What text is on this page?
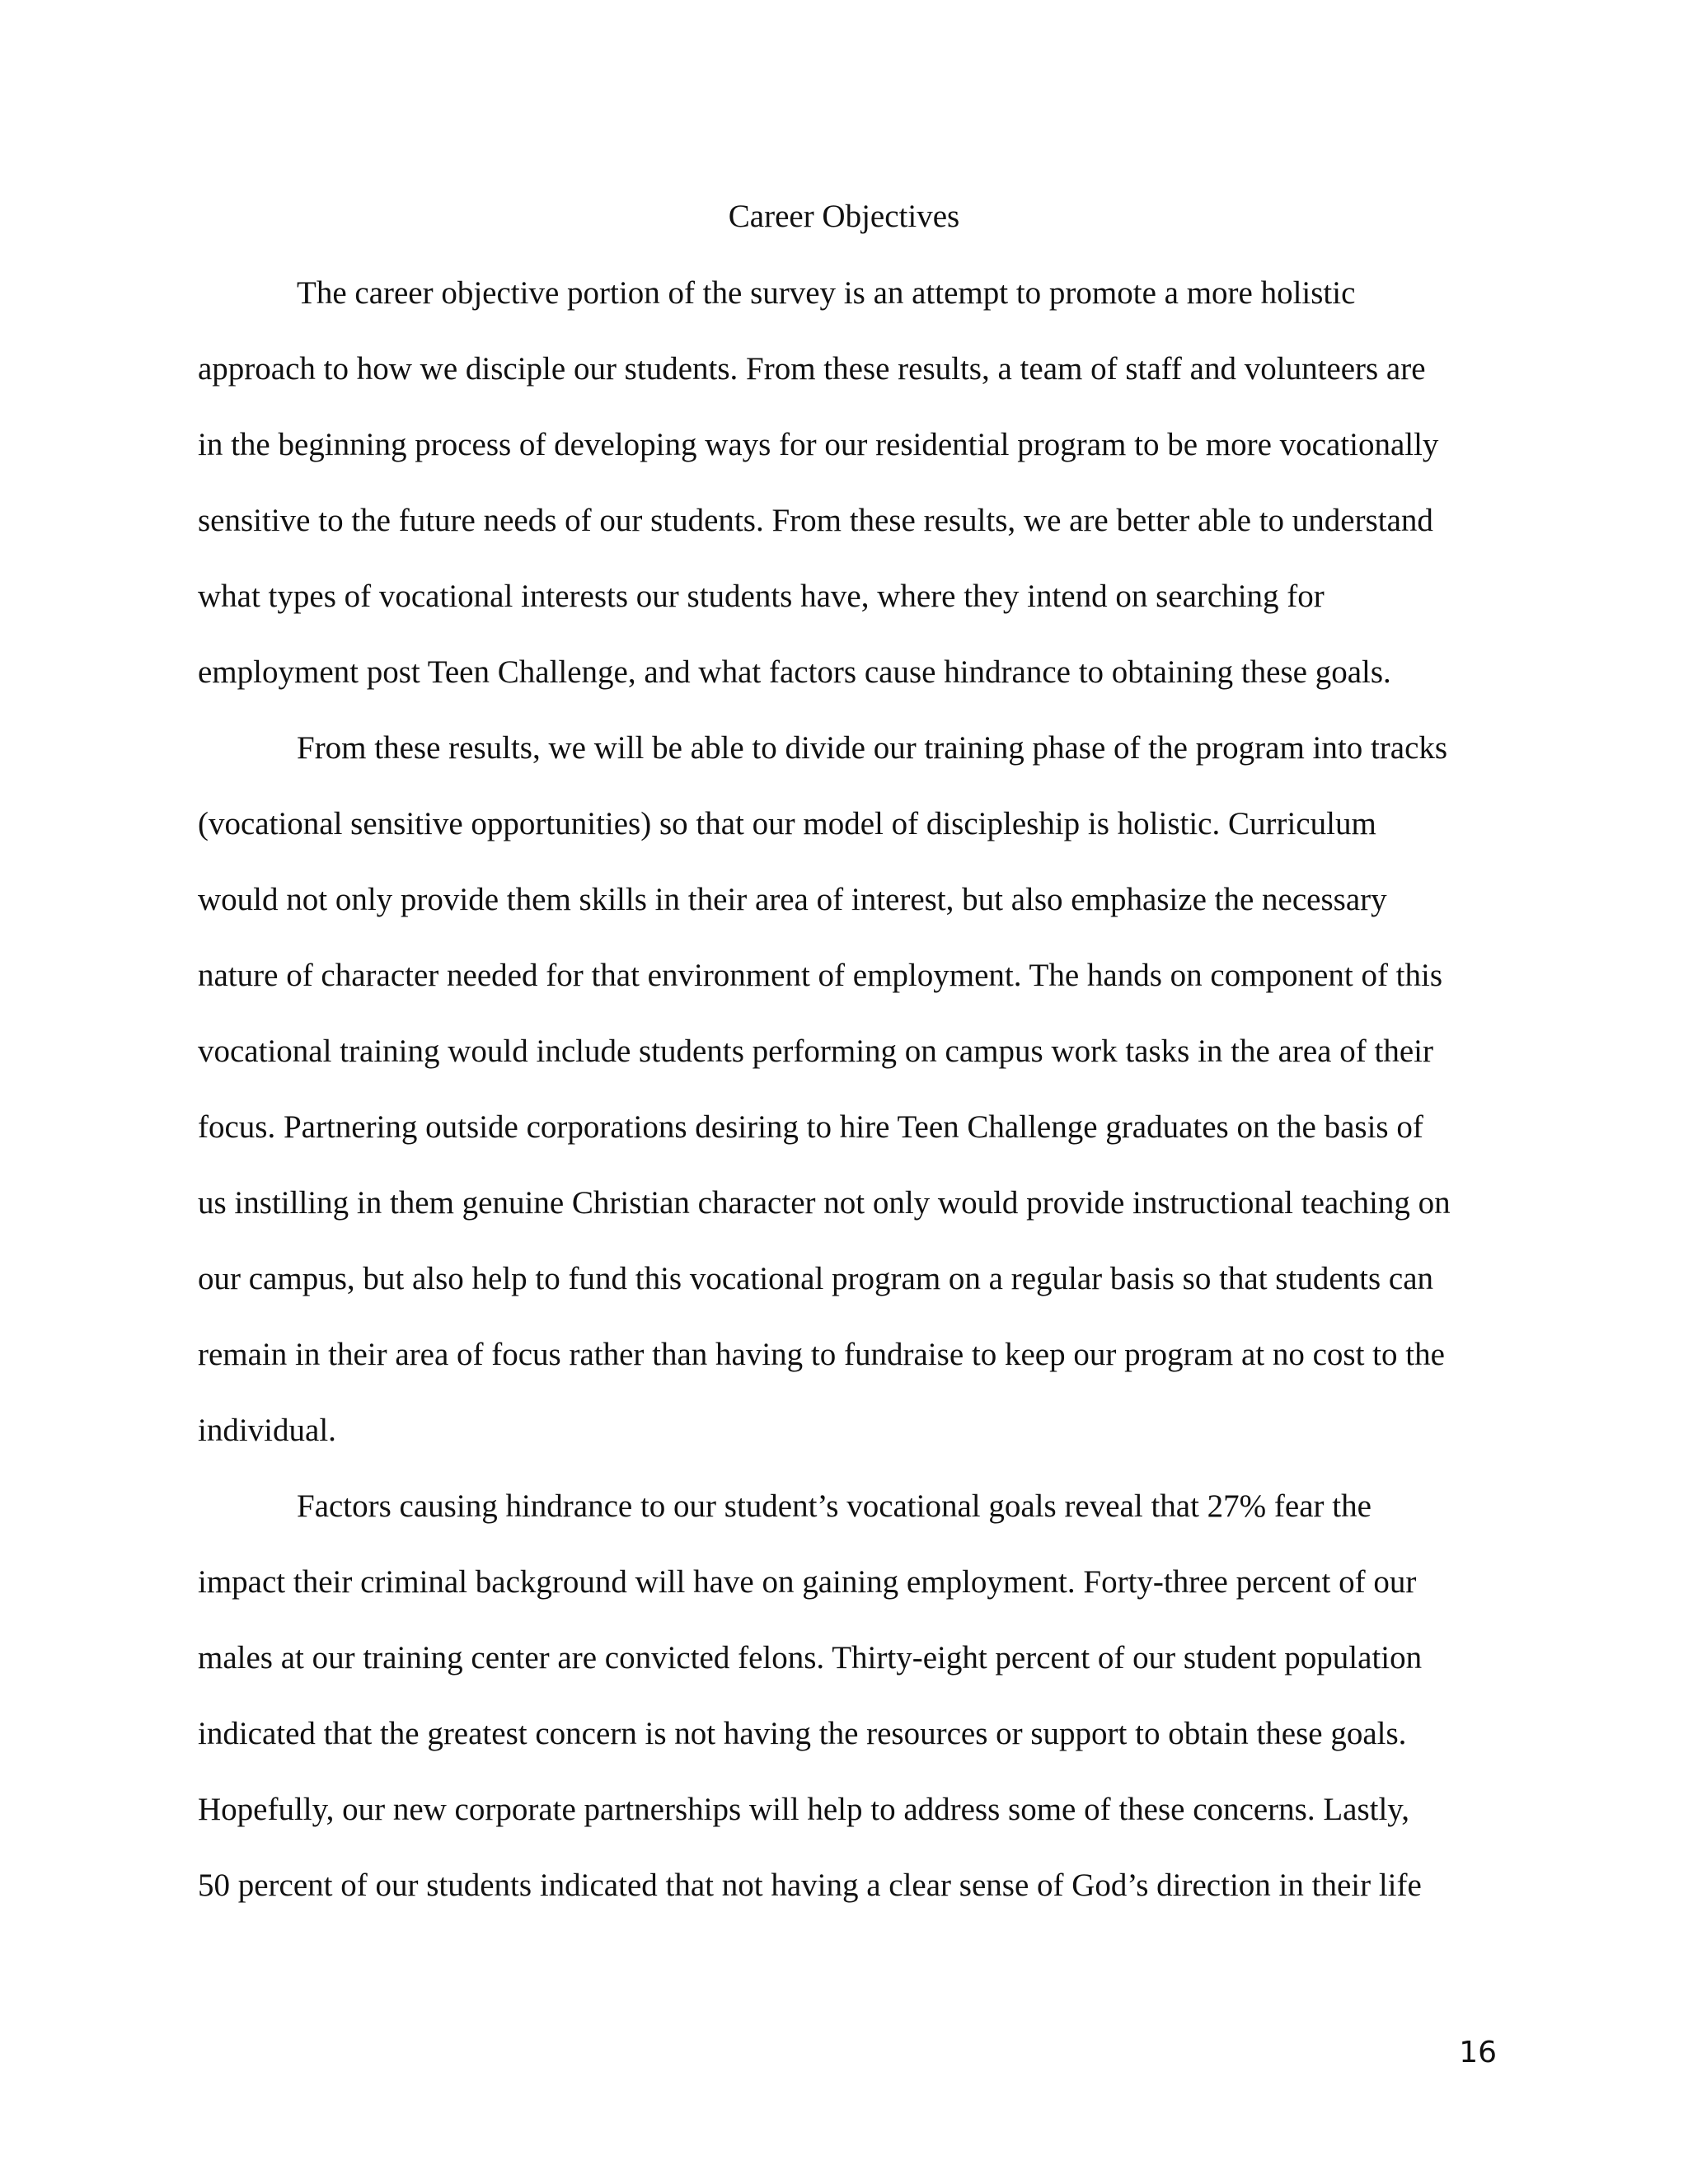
Career Objectives

The career objective portion of the survey is an attempt to promote a more holistic

approach to how we disciple our students. From these results, a team of staff and volunteers are

in the beginning process of developing ways for our residential program to be more vocationally

sensitive to the future needs of our students. From these results, we are better able to understand

what types of vocational interests our students have, where they intend on searching for

employment post Teen Challenge, and what factors cause hindrance to obtaining these goals.

From these results, we will be able to divide our training phase of the program into tracks

(vocational sensitive opportunities) so that our model of discipleship is holistic. Curriculum

would not only provide them skills in their area of interest, but also emphasize the necessary

nature of character needed for that environment of employment. The hands on component of this

vocational training would include students performing on campus work tasks in the area of their

focus. Partnering outside corporations desiring to hire Teen Challenge graduates on the basis of

us instilling in them genuine Christian character not only would provide instructional teaching on

our campus, but also help to fund this vocational program on a regular basis so that students can

remain in their area of focus rather than having to fundraise to keep our program at no cost to the

individual.

Factors causing hindrance to our student’s vocational goals reveal that 27% fear the

impact their criminal background will have on gaining employment. Forty-three percent of our

males at our training center are convicted felons. Thirty-eight percent of our student population

indicated that the greatest concern is not having the resources or support to obtain these goals.

Hopefully, our new corporate partnerships will help to address some of these concerns. Lastly,

50 percent of our students indicated that not having a clear sense of God’s direction in their life

16
